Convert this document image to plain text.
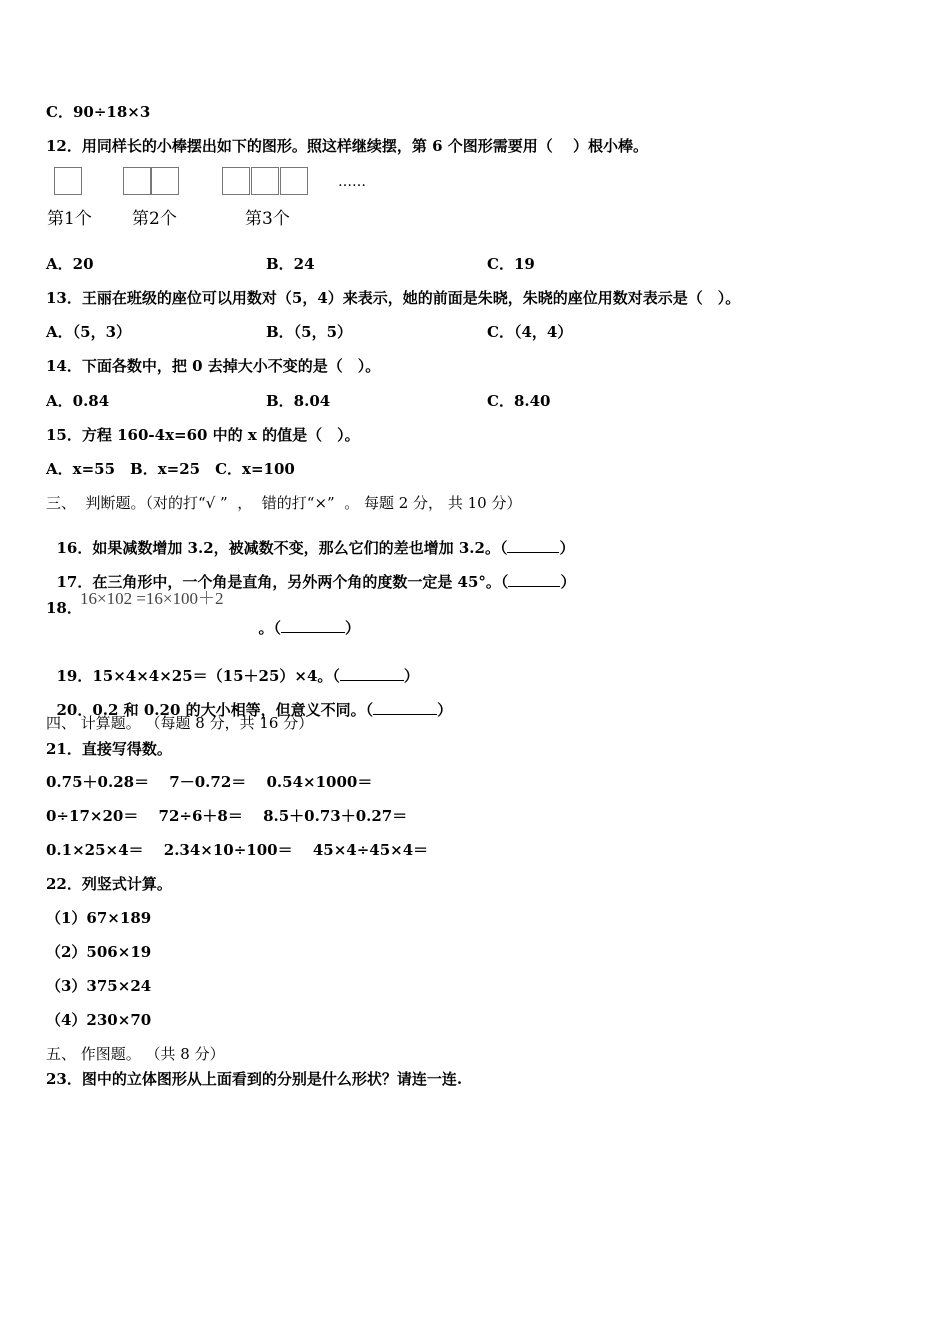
C．90÷18×3
12．用同样长的小棒摆出如下的图形。照这样继续摆，第 6 个图形需要用（　 ）根小棒。
……
第1个 第2个	第3个
A．20	B．24	C．19
13．王丽在班级的座位可以用数对（5，4）来表示，她的前面是朱晓，朱晓的座位用数对表示是（　）。
A．（5，3）	B．（5，5）	C．（4，4）
14．下面各数中，把 0 去掉大小不变的是（　）。
A．0.84	B．8.04	C．8.40
15．方程 160-4x=60 中的 x 的值是（　）。
A．x=55　B．x=25　C．x=100
三、  判断题。（对的打“√ ”  ，  错的打“×”  。 每题 2 分， 共 10 分）

16．如果减数增加 3.2，被减数不变，那么它们的差也增加 3.2。（	）

17．在三角形中，一个角是直角，另外两个角的度数一定是 45°。（	）

18．
16×102 =16×100＋2

。（	）

19．15×4×4×25＝（15＋25）×4。（	）

20．0.2 和 0.20 的大小相等，但意义不同。（	）

四、 计算题。 （每题 8 分，共 16 分）
21．直接写得数。
0.75＋0.28＝　 7－0.72＝　 0.54×1000＝
0÷17×20＝　 72÷6＋8＝　 8.5＋0.73＋0.27＝
0.1×25×4＝　 2.34×10÷100＝　 45×4÷45×4＝
22．列竖式计算。
（1）67×189
（2）506×19
（3）375×24
（4）230×70
五、 作图题。 （共 8 分）
23．图中的立体图形从上面看到的分别是什么形状？请连一连.
